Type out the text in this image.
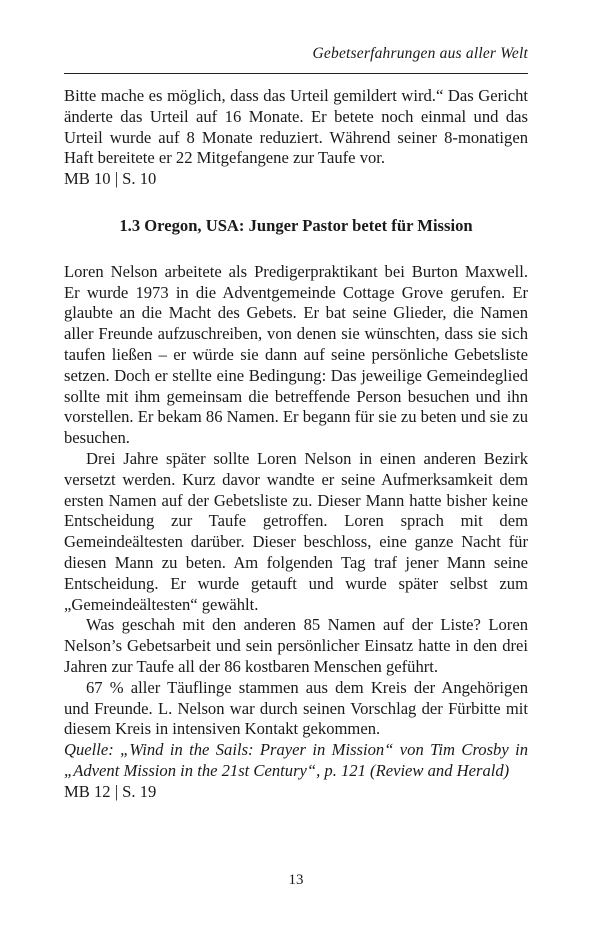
Gebetserfahrungen aus aller Welt

Bitte mache es möglich, dass das Urteil gemildert wird.“ Das Gericht änderte das Urteil auf 16 Monate. Er betete noch einmal und das Urteil wurde auf 8 Monate reduziert. Während seiner 8-monatigen Haft bereitete er 22 Mitgefangene zur Taufe vor.

MB 10 | S. 10

1.3 Oregon, USA: Junger Pastor betet für Mission

Loren Nelson arbeitete als Predigerpraktikant bei Burton Maxwell. Er wurde 1973 in die Adventgemeinde Cottage Grove gerufen. Er glaubte an die Macht des Gebets. Er bat seine Glieder, die Namen aller Freunde aufzuschreiben, von denen sie wünschten, dass sie sich taufen ließen – er würde sie dann auf seine persönliche Gebetsliste setzen. Doch er stellte eine Bedingung: Das jeweilige Gemeindeglied sollte mit ihm gemeinsam die betreffende Person besuchen und ihn vorstellen. Er bekam 86 Namen. Er begann für sie zu beten und sie zu besuchen.

Drei Jahre später sollte Loren Nelson in einen anderen Bezirk versetzt werden. Kurz davor wandte er seine Aufmerksamkeit dem ersten Namen auf der Gebetsliste zu. Dieser Mann hatte bisher keine Entscheidung zur Taufe getroffen. Loren sprach mit dem Gemeindeältesten darüber. Dieser beschloss, eine ganze Nacht für diesen Mann zu beten. Am folgenden Tag traf jener Mann seine Entscheidung. Er wurde getauft und wurde später selbst zum „Gemeindeältesten“ gewählt.

Was geschah mit den anderen 85 Namen auf der Liste? Loren Nelson’s Gebetsarbeit und sein persönlicher Einsatz hatte in den drei Jahren zur Taufe all der 86 kostbaren Menschen geführt.

67 % aller Täuflinge stammen aus dem Kreis der Angehörigen und Freunde. L. Nelson war durch seinen Vorschlag der Fürbitte mit diesem Kreis in intensiven Kontakt gekommen.

Quelle: „Wind in the Sails: Prayer in Mission“ von Tim Crosby in „Advent Mission in the 21st Century“, p. 121 (Review and Herald)

MB 12 | S. 19

13
